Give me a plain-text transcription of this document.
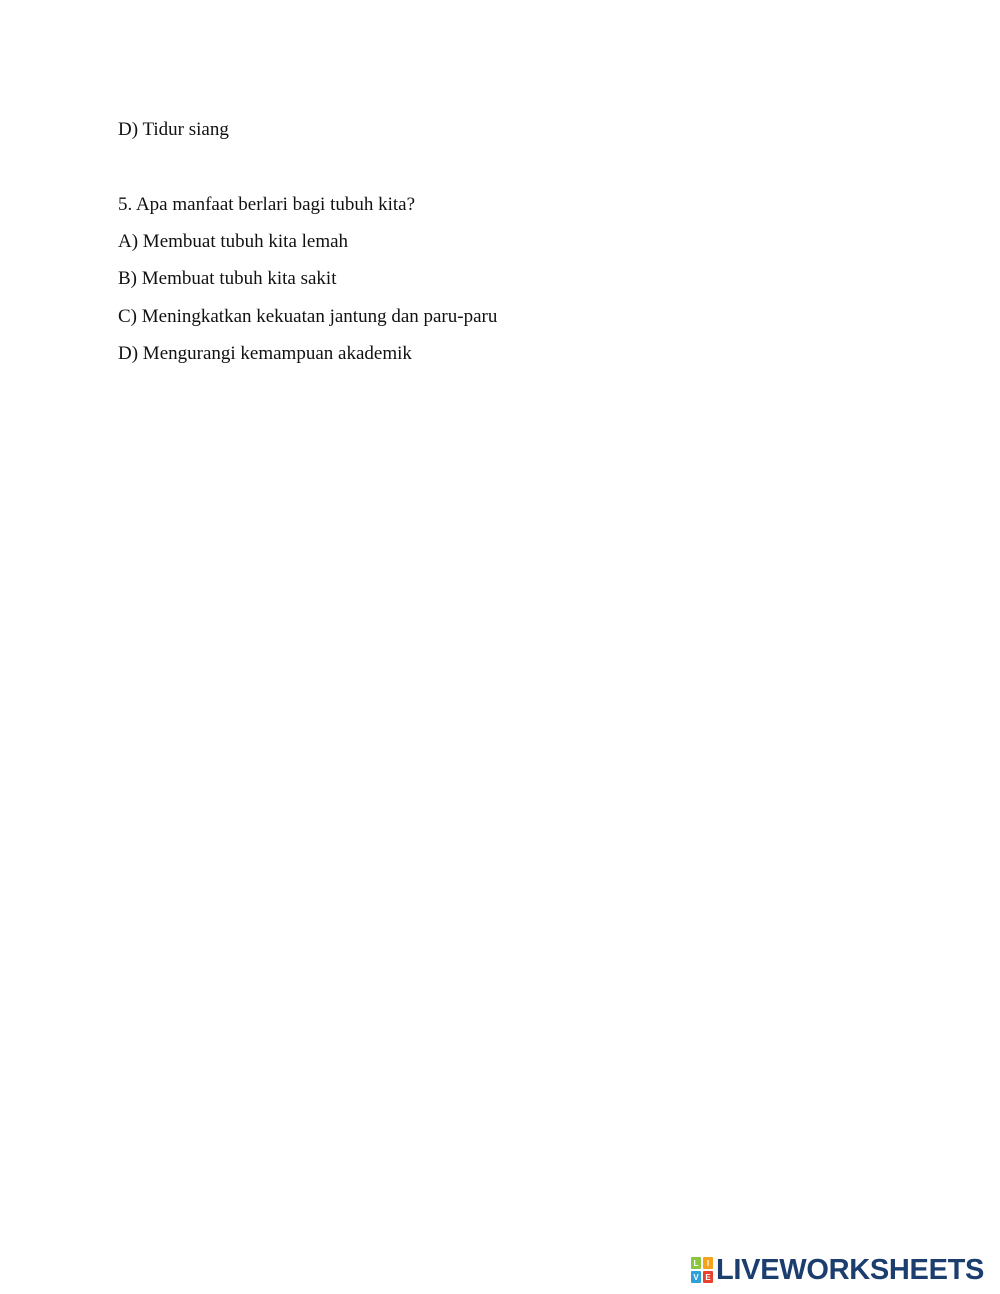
D) Tidur siang
5. Apa manfaat berlari bagi tubuh kita?
A) Membuat tubuh kita lemah
B) Membuat tubuh kita sakit
C) Meningkatkan kekuatan jantung dan paru-paru
D) Mengurangi kemampuan akademik
L	I
V E LIVEWORKSHEETS
